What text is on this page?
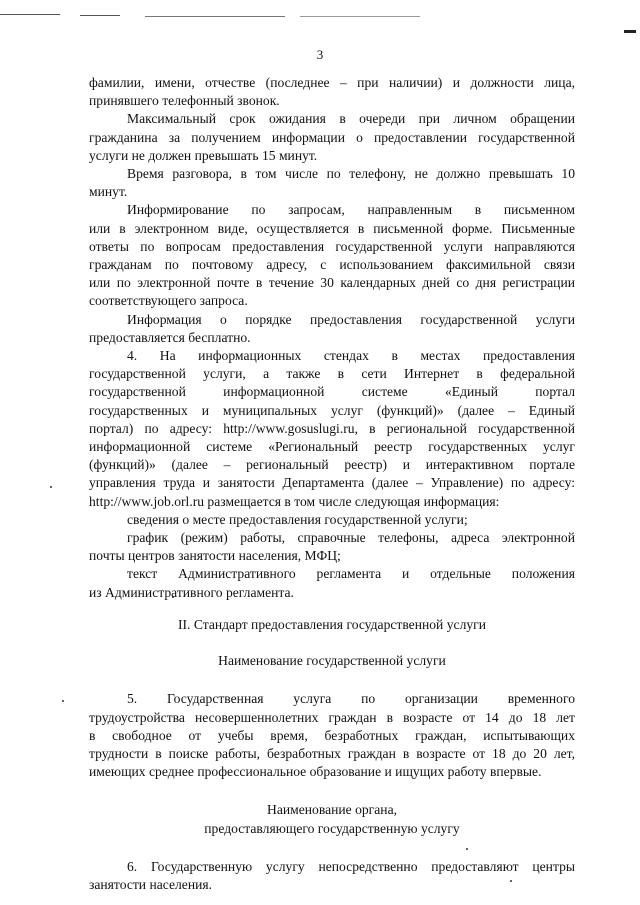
3

фамилии, имени, отчестве (последнее – при наличии) и должности лица,

принявшего телефонный звонок.

Максимальный срок ожидания в очереди при личном обращении

гражданина за получением информации о предоставлении государственной

услуги не должен превышать 15 минут.

Время разговора, в том числе по телефону, не должно превышать 10

минут.

Информирование по запросам, направленным в письменном

или в электронном виде, осуществляется в письменной форме. Письменные

ответы по вопросам предоставления государственной услуги направляются

гражданам по почтовому адресу, с использованием факсимильной связи

или по электронной почте в течение 30 календарных дней со дня регистрации

соответствующего запроса.

Информация о порядке предоставления государственной услуги

предоставляется бесплатно.

4. На информационных стендах в местах предоставления

государственной услуги, а также в сети Интернет в федеральной

государственной информационной системе «Единый портал

государственных и муниципальных услуг (функций)» (далее – Единый

портал) по адресу: http://www.gosuslugi.ru, в региональной государственной

информационной системе «Региональный реестр государственных услуг

(функций)» (далее – региональный реестр) и интерактивном портале

управления труда и занятости Департамента (далее – Управление) по адресу:

http://www.job.orl.ru размещается в том числе следующая информация:

сведения о месте предоставления государственной услуги;

график (режим) работы, справочные телефоны, адреса электронной

почты центров занятости населения, МФЦ;

текст Административного регламента и отдельные положения

из Административного регламента.

II. Стандарт предоставления государственной услуги

Наименование государственной услуги

5. Государственная услуга по организации временного

трудоустройства несовершеннолетних граждан в возрасте от 14 до 18 лет

в свободное от учебы время, безработных граждан, испытывающих

трудности в поиске работы, безработных граждан в возрасте от 18 до 20 лет,

имеющих среднее профессиональное образование и ищущих работу впервые.

Наименование органа,

предоставляющего государственную услугу

6. Государственную услугу непосредственно предоставляют центры

занятости населения.
